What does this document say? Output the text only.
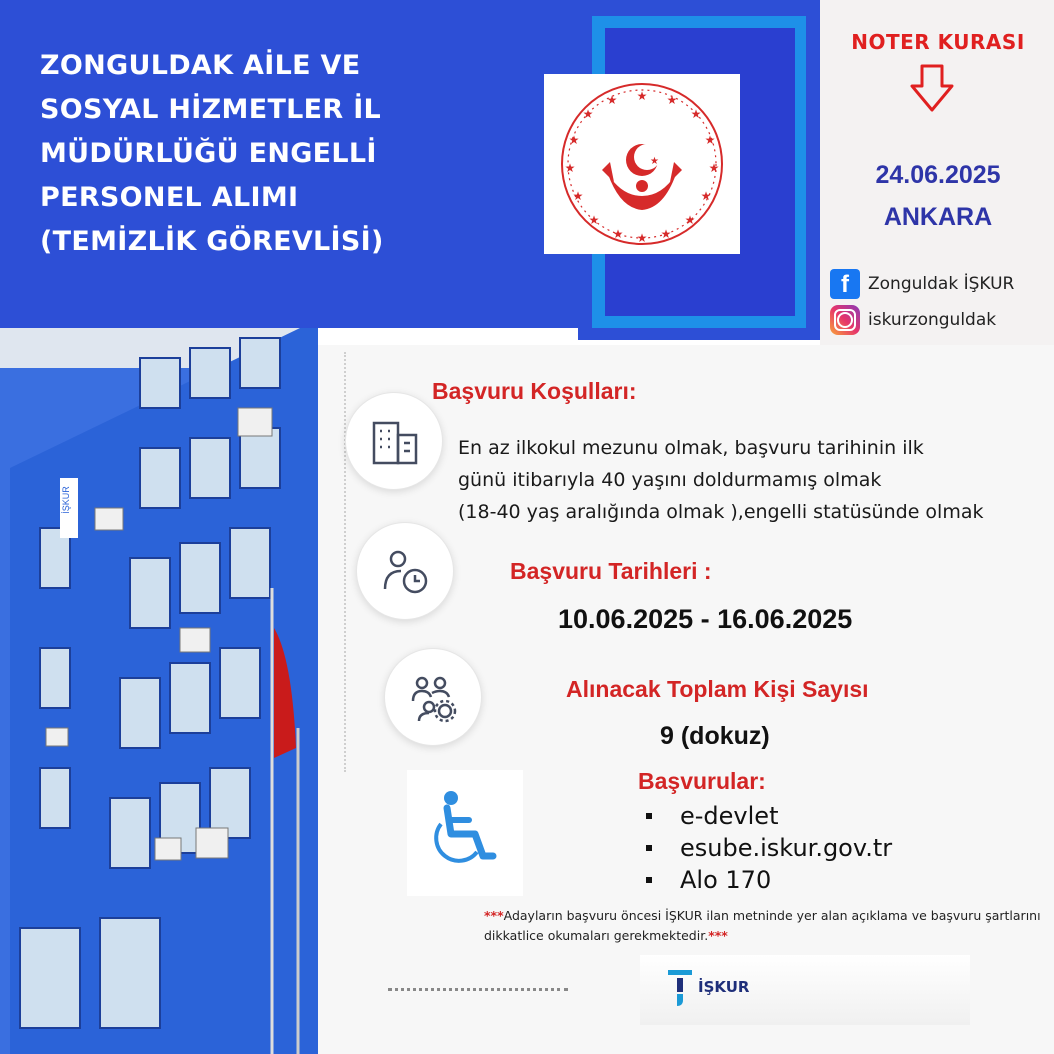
ZONGULDAK AİLE VE
SOSYAL HİZMETLER İL
MÜDÜRLÜĞÜ ENGELLİ
PERSONEL ALIMI
(TEMİZLİK GÖREVLİSİ)
★ ★
★
★
★
★
★
★
★
★
★
★
★
★
★ ★
★
NOTER KURASI
24.06.2025
ANKARA
f	Zonguldak İŞKUR
iskurzonguldak
İŞKUR
Başvuru Koşulları:
En az ilkokul mezunu olmak, başvuru tarihinin ilk
günü itibarıyla 40 yaşını doldurmamış olmak
(18-40 yaş aralığında olmak ),engelli statüsünde olmak
Başvuru Tarihleri :
10.06.2025 - 16.06.2025
Alınacak Toplam Kişi Sayısı
9 (dokuz)
Başvurular:
e-devlet
esube.iskur.gov.tr
Alo 170
***Adayların başvuru öncesi İŞKUR ilan metninde yer alan açıklama ve başvuru şartlarını dikkatlice okumaları gerekmektedir.***
İŞKUR
